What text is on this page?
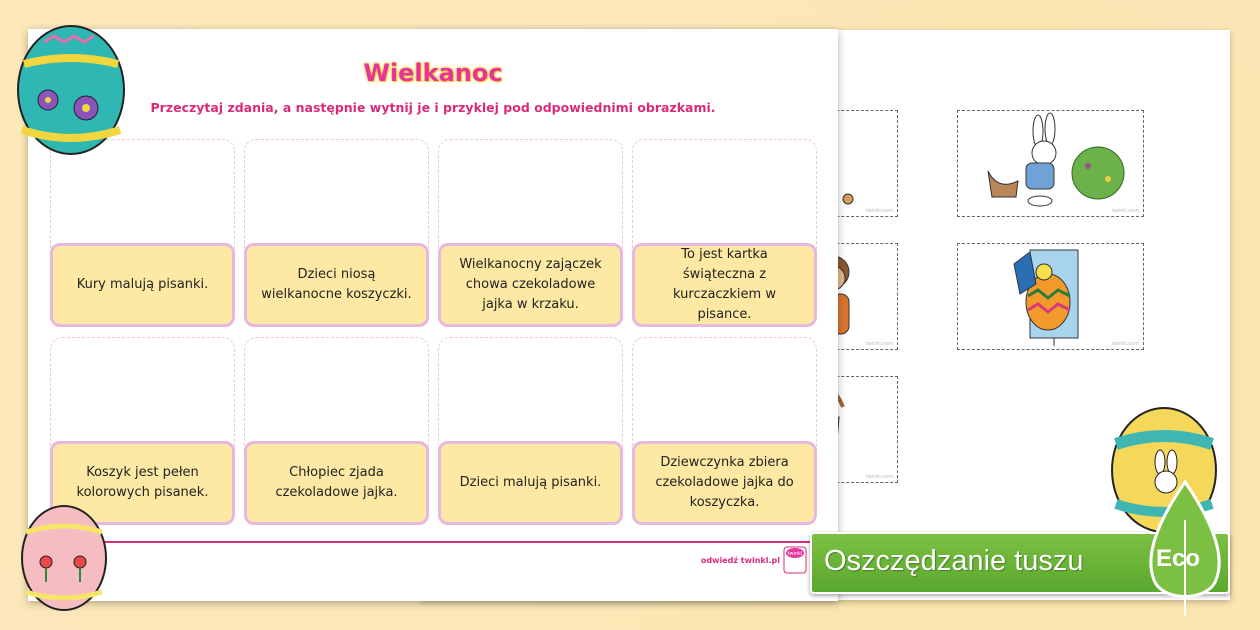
twinkl.com	twinkl.com
twinkl.com	twinkl.com
twinkl.com
Wielkanoc
Przeczytaj zdania, a następnie wytnij je i przyklej pod odpowiednimi obrazkami.
Kury malują pisanki.
Dzieci niosą wielkanocne koszyczki.
Wielkanocny zajączek chowa czekoladowe jajka w krzaku.
To jest kartka świąteczna z kurczaczkiem w pisance.
Koszyk jest pełen kolorowych pisanek.
Chłopiec zjada czekoladowe jajka.
Dzieci malują pisanki.
Dziewczynka zbiera czekoladowe jajka do koszyczka.
odwiedź twinkl.pl
twinkl Oszczędzanie tuszu	Eco
